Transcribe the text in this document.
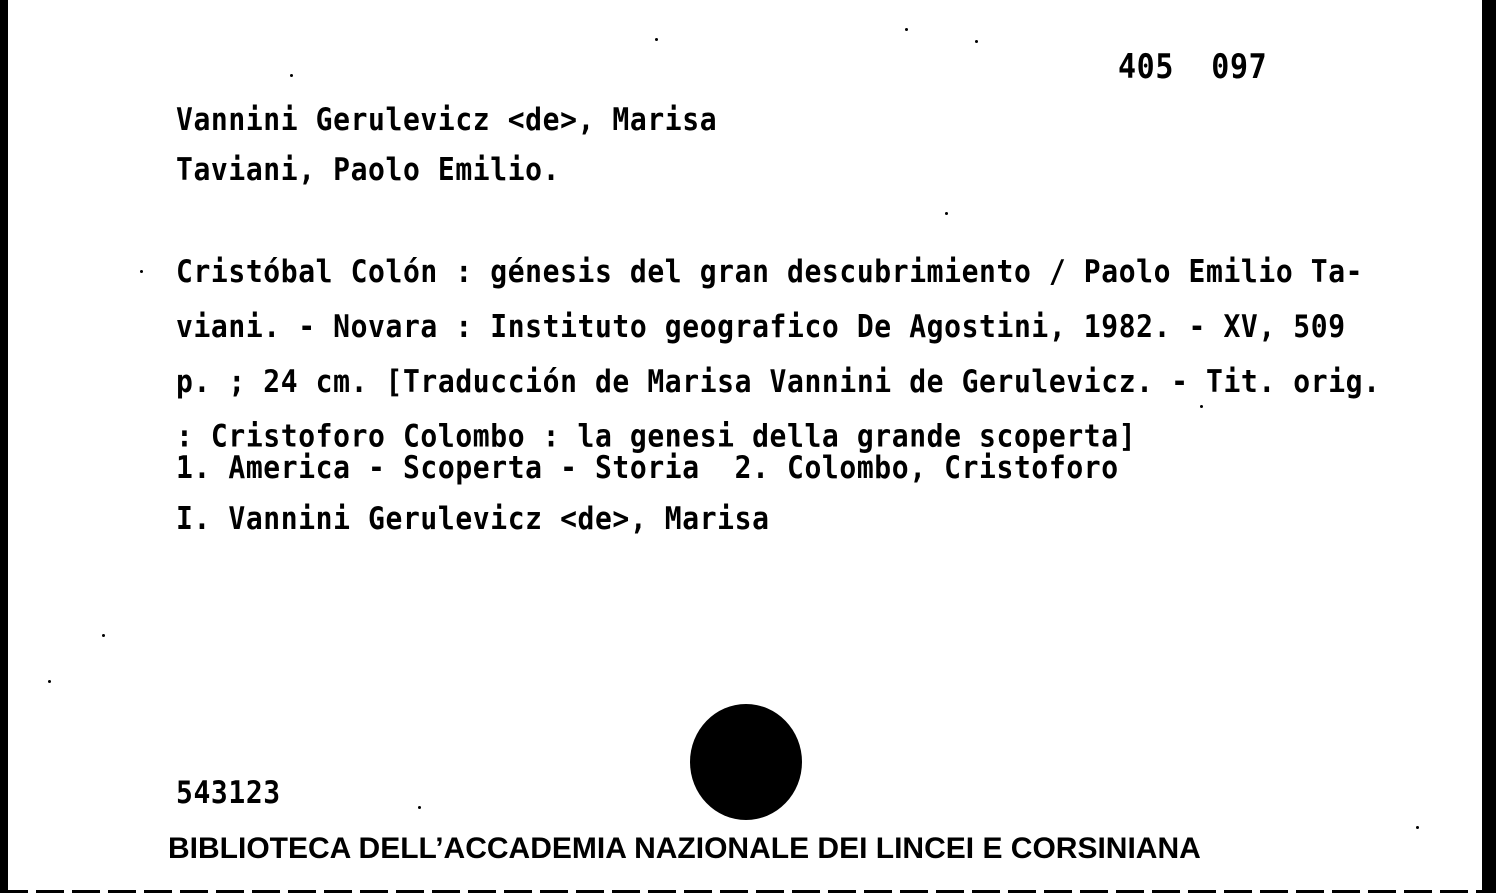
405  097

Vannini Gerulevicz <de>, Marisa

Taviani, Paolo Emilio.

Cristóbal Colón : génesis del gran descubrimiento / Paolo Emilio Ta-
viani. - Novara : Instituto geografico De Agostini, 1982. - XV, 509
p. ; 24 cm. [Traducción de Marisa Vannini de Gerulevicz. - Tit. orig.
: Cristoforo Colombo : la genesi della grande scoperta]

1. America - Scoperta - Storia  2. Colombo, Cristoforo

I. Vannini Gerulevicz <de>, Marisa

543123

BIBLIOTECA DELL’ACCADEMIA NAZIONALE DEI LINCEI E CORSINIANA
